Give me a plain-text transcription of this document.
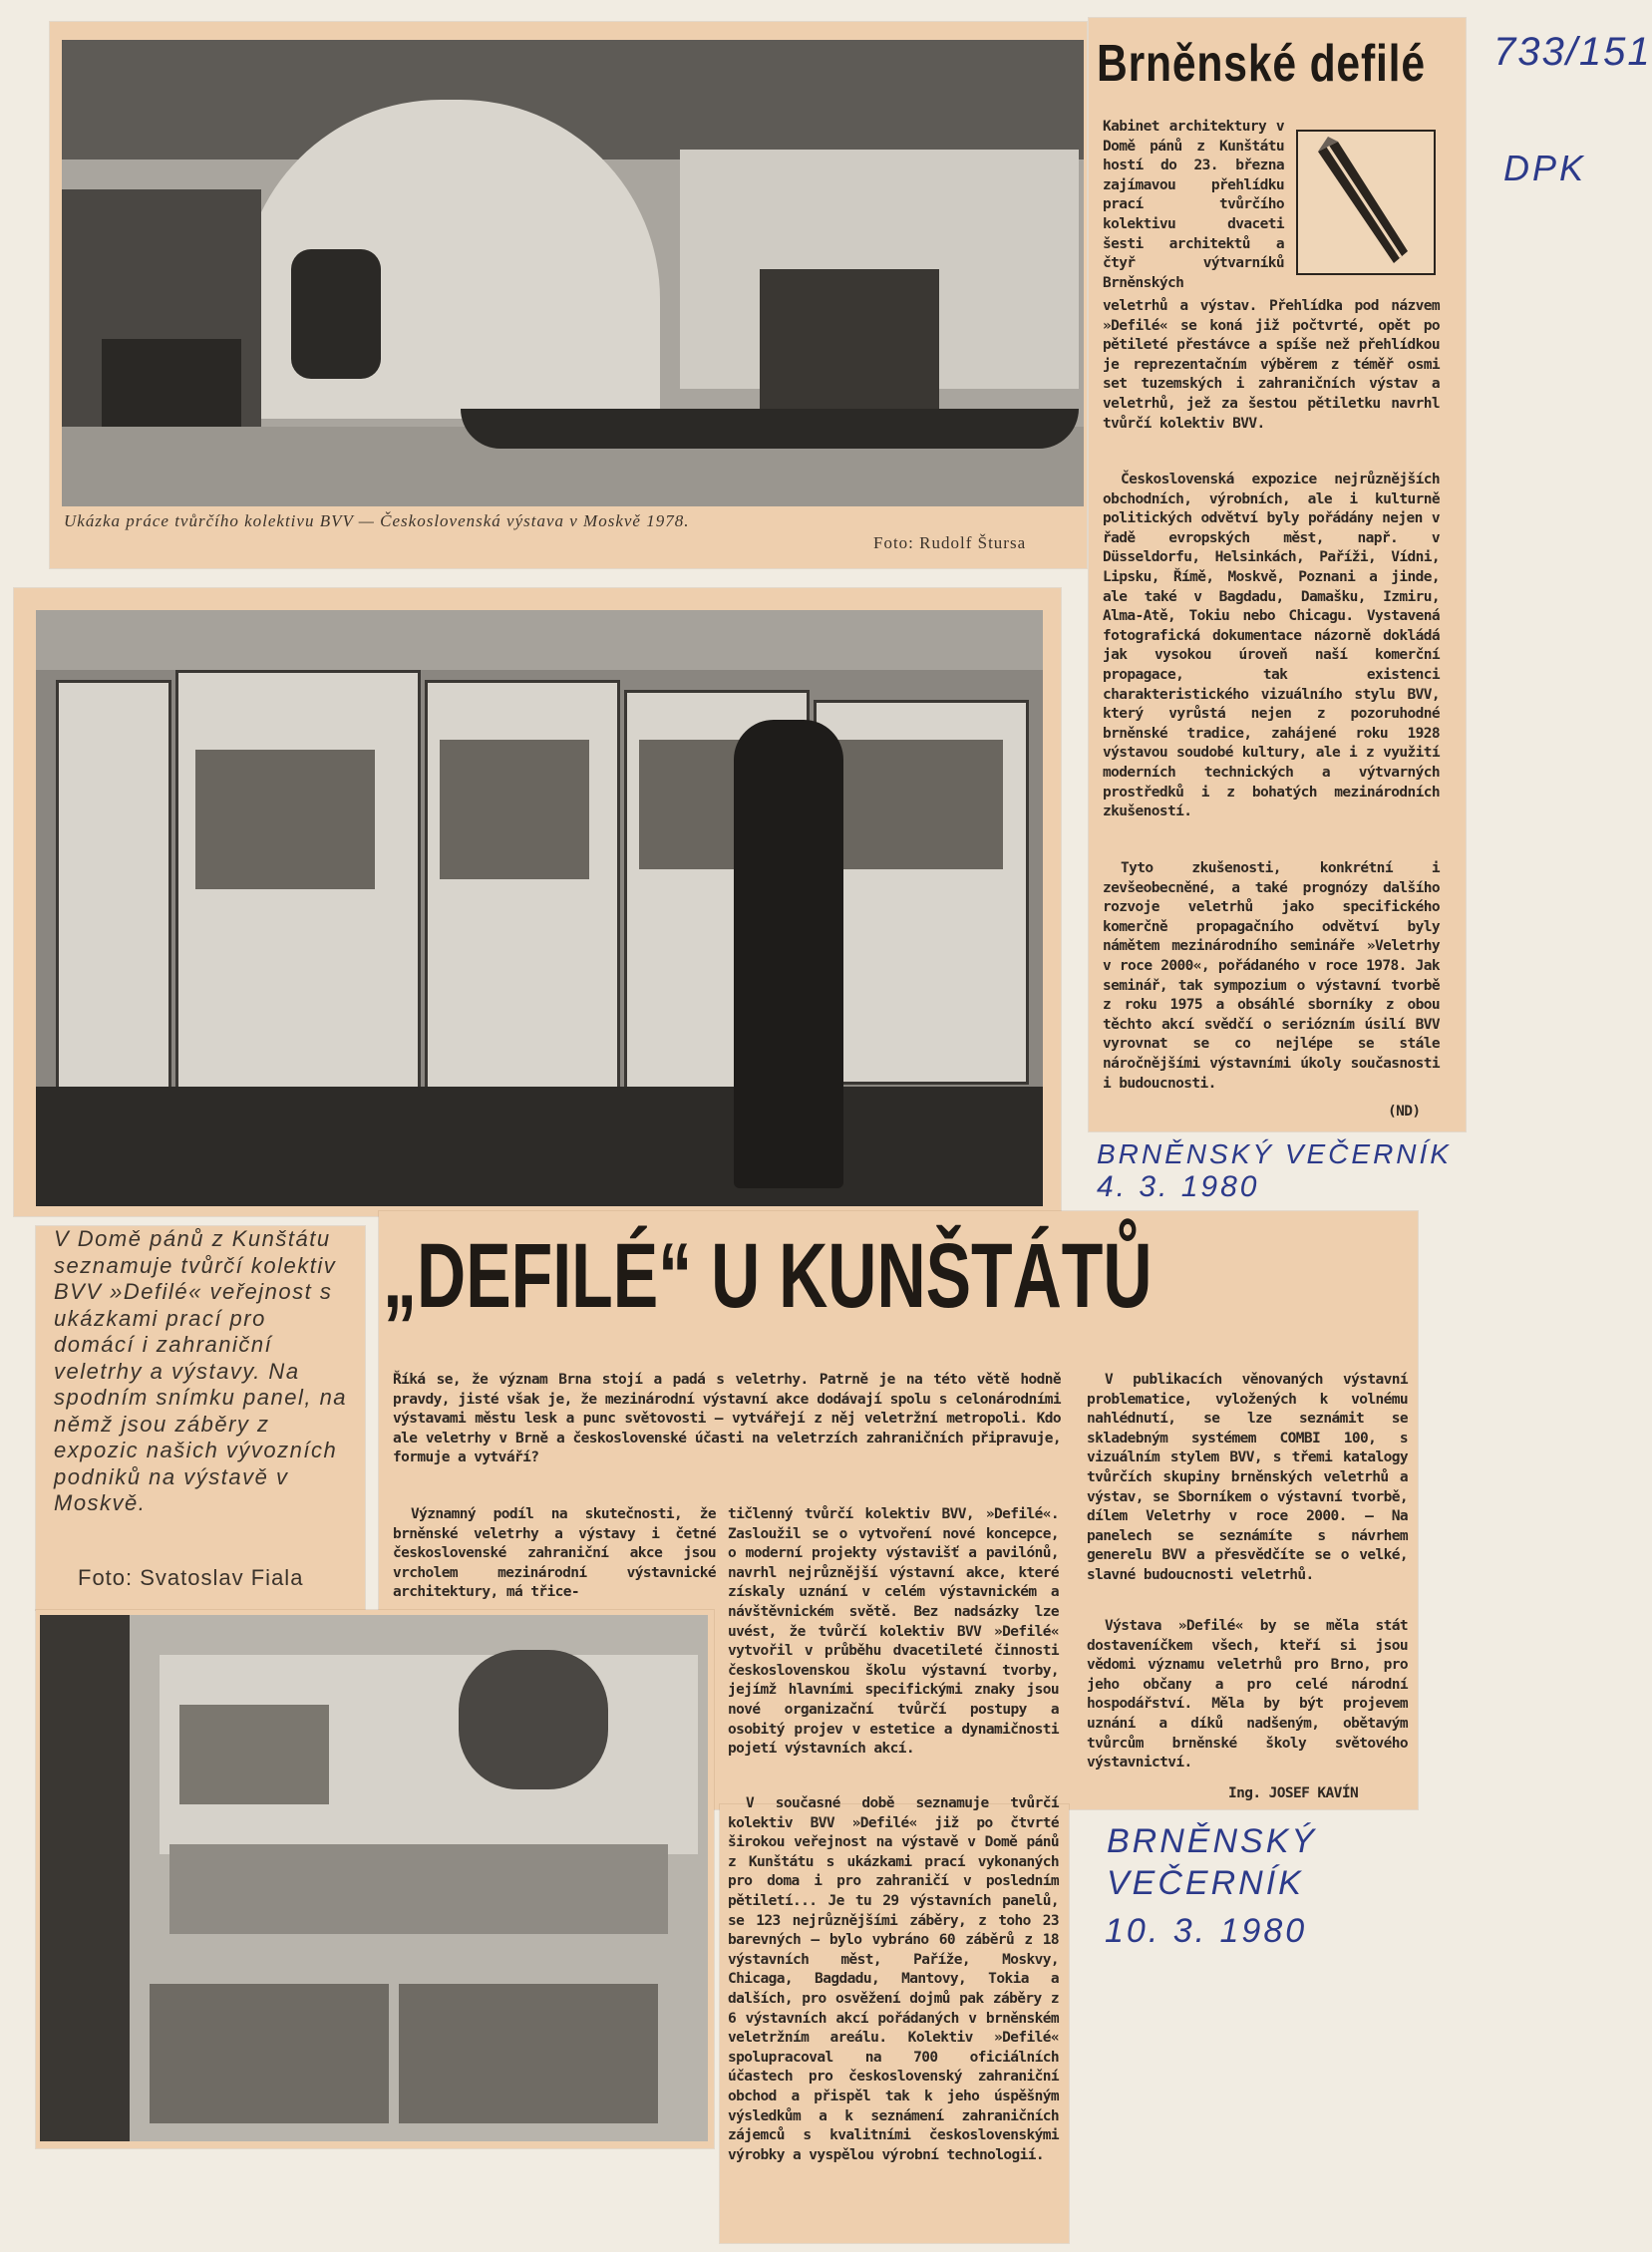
Ukázka práce tvůrčího kolektivu BVV — Československá výstava v Moskvě 1978.
Foto: Rudolf Štursa
Brněnské defilé
Kabinet architektury v Domě pánů z Kunštátu hostí do 23. března zajímavou přehlídku prací tvůrčího kolektivu dvaceti šesti architektů a čtyř výtvarníků Brněnských
veletrhů a výstav. Přehlídka pod názvem »Defilé« se koná již počtvrté, opět po pětileté přestávce a spíše než přehlídkou je reprezentačním výběrem z téměř osmi set tuzemských i zahraničních výstav a veletrhů, jež za šestou pětiletku navrhl tvůrčí kolektiv BVV.
Československá expozice nejrůznějších obchodních, výrobních, ale i kulturně politických odvětví byly pořádány nejen v řadě evropských měst, např. v Düsseldorfu, Helsinkách, Paříži, Vídni, Lipsku, Římě, Moskvě, Poznani a jinde, ale také v Bagdadu, Damašku, Izmiru, Alma-Atě, Tokiu nebo Chicagu. Vystavená fotografická dokumentace názorně dokládá jak vysokou úroveň naší komerční propagace, tak existenci charakteristického vizuálního stylu BVV, který vyrůstá nejen z pozoruhodné brněnské tradice, zahájené roku 1928 výstavou soudobé kultury, ale i z využití moderních technických a výtvarných prostředků i z bohatých mezinárodních zkušeností.
Tyto zkušenosti, konkrétní i zevšeobecněné, a také prognózy dalšího rozvoje veletrhů jako specifického komerčně propagačního odvětví byly námětem mezinárodního semináře »Veletrhy v roce 2000«, pořádaného v roce 1978. Jak seminář, tak sympozium o výstavní tvorbě z roku 1975 a obsáhlé sborníky z obou těchto akcí svědčí o seriózním úsilí BVV vyrovnat se co nejlépe se stále náročnějšími výstavními úkoly současnosti i budoucnosti.
(ND)
„DEFILÉ“ U KUNŠTÁTŮ
Říká se, že význam Brna stojí a padá s veletrhy. Patrně je na této větě hodně pravdy, jisté však je, že mezinárodní výstavní akce dodávají spolu s celonárodními výstavami městu lesk a punc světovosti — vytvářejí z něj veletržní metropoli. Kdo ale veletrhy v Brně a československé účasti na veletrzích zahraničních připravuje, formuje a vytváří?
Významný podíl na skutečnosti, že brněnské veletrhy a výstavy i četné československé zahraniční akce jsou vrcholem mezinárodní výstavnické architektury, má třice-
tičlenný tvůrčí kolektiv BVV, »Defilé«. Zasloužil se o vytvoření nové koncepce, o moderní projekty výstavišť a pavilónů, navrhl nejrůznější výstavní akce, které získaly uznání v celém výstavnickém a návštěvnickém světě. Bez nadsázky lze uvést, že tvůrčí kolektiv BVV »Defilé« vytvořil v průběhu dvacetileté činnosti československou školu výstavní tvorby, jejímž hlavními specifickými znaky jsou nové organizační tvůrčí postupy a osobitý projev v estetice a dynamičnosti pojetí výstavních akcí.
V současné době seznamuje tvůrčí kolektiv BVV »Defilé« již po čtvrté širokou veřejnost na výstavě v Domě pánů z Kunštátu s ukázkami prací vykonaných pro doma i pro zahraničí v posledním pětiletí... Je tu 29 výstavních panelů, se 123 nejrůznějšími záběry, z toho 23 barevných — bylo vybráno 60 záběrů z 18 výstavních měst, Paříže, Moskvy, Chicaga, Bagdadu, Mantovy, Tokia a dalších, pro osvěžení dojmů pak záběry z 6 výstavních akcí pořádaných v brněnském veletržním areálu. Kolektiv »Defilé« spolupracoval na 700 oficiálních účastech pro československý zahraniční obchod a přispěl tak k jeho úspěšným výsledkům a k seznámení zahraničních zájemců s kvalitními československými výrobky a vyspělou výrobní technologií.
V publikacích věnovaných výstavní problematice, vyložených k volnému nahlédnutí, se lze seznámit se skladebným systémem COMBI 100, s vizuálním stylem BVV, s třemi katalogy tvůrčích skupiny brněnských veletrhů a výstav, se Sborníkem o výstavní tvorbě, dílem Veletrhy v roce 2000. — Na panelech se seznámíte s návrhem generelu BVV a přesvědčíte se o velké, slavné budoucnosti veletrhů.
Výstava »Defilé« by se měla stát dostaveníčkem všech, kteří si jsou vědomi významu veletrhů pro Brno, pro jeho občany a pro celé národní hospodářství. Měla by být projevem uznání a díků nadšeným, obětavým tvůrcům brněnské školy světového výstavnictví.
Ing. JOSEF KAVÍN
V Domě pánů z Kunštátu seznamuje tvůrčí kolektiv BVV »Defilé« veřejnost s ukázkami prací pro domácí i zahraniční veletrhy a výstavy. Na spodním snímku panel, na němž jsou záběry z expozic našich vývozních podniků na výstavě v Moskvě.
Foto: Svatoslav Fiala
733/151
DPK
BRNĚNSKÝ VEČERNÍK
4. 3. 1980
BRNĚNSKÝ
VEČERNÍK
10. 3. 1980
